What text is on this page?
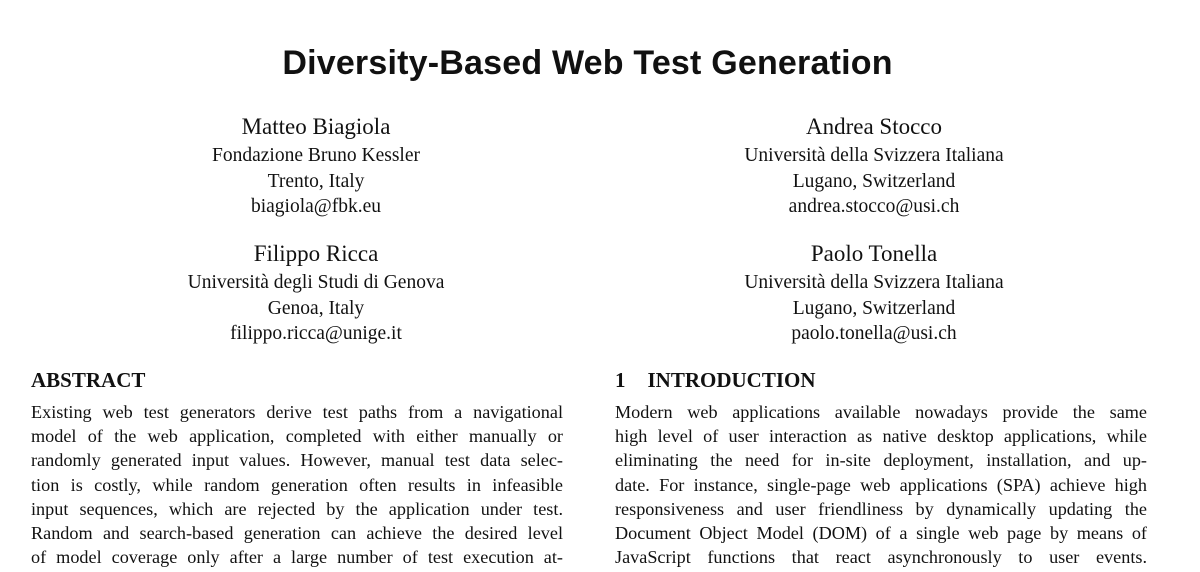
Diversity-Based Web Test Generation
Matteo Biagiola
Fondazione Bruno Kessler
Trento, Italy
biagiola@fbk.eu
Andrea Stocco
Università della Svizzera Italiana
Lugano, Switzerland
andrea.stocco@usi.ch
Filippo Ricca
Università degli Studi di Genova
Genoa, Italy
filippo.ricca@unige.it
Paolo Tonella
Università della Svizzera Italiana
Lugano, Switzerland
paolo.tonella@usi.ch
ABSTRACT	1 INTRODUCTION
Existing web test generators derive test paths from a navigational
model of the web application, completed with either manually or
randomly generated input values. However, manual test data selec-
tion is costly, while random generation often results in infeasible
input sequences, which are rejected by the application under test.
Random and search-based generation can achieve the desired level
of model coverage only after a large number of test execution at-
Modern web applications available nowadays provide the same
high level of user interaction as native desktop applications, while
eliminating the need for in-site deployment, installation, and up-
date. For instance, single-page web applications (SPA) achieve high
responsiveness and user friendliness by dynamically updating the
Document Object Model (DOM) of a single web page by means of
JavaScript functions that react asynchronously to user events.
